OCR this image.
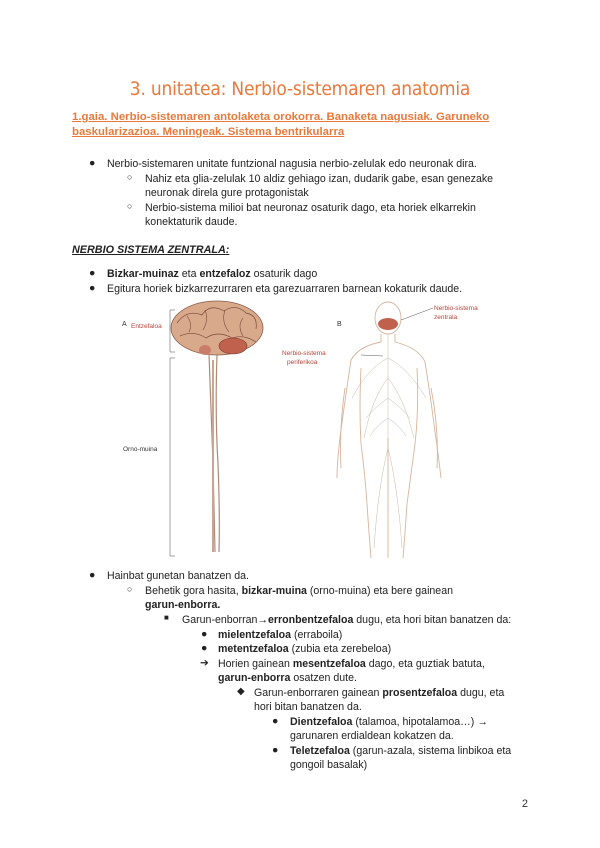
3. unitatea: Nerbio-sistemaren anatomia
1.gaia. Nerbio-sistemaren antolaketa orokorra. Banaketa nagusiak. Garuneko baskularizazioa. Meningeak. Sistema bentrikularra
● Nerbio-sistemaren unitate funtzional nagusia nerbio-zelulak edo neuronak dira.
○ Nahiz eta glia-zelulak 10 aldiz gehiago izan, dudarik gabe, esan genezake
neuronak direla gure protagonistak
○ Nerbio-sistema milioi bat neuronaz osaturik dago, eta horiek elkarrekin
konektaturik daude.
NERBIO SISTEMA ZENTRALA:
● Bizkar-muinaz eta entzefaloz osaturik dago
● Egitura horiek bizkarrezurraren eta garezuarraren barnean kokaturik daude.
A Entzefaloa
Orno-muina
B
Nerbio-sistema
zentrala
Nerbio-sistema
periferikoa
● Hainbat gunetan banatzen da.
○ Behetik gora hasita, bizkar-muina (orno-muina) eta bere gainean
garun-enborra.
■ Garun-enborran→erronbentzefaloa dugu, eta hori bitan banatzen da:
● mielentzefaloa (erraboila)
● metentzefaloa (zubia eta zerebeloa)
➔ Horien gainean mesentzefaloa dago, eta guztiak batuta,
garun-enborra osatzen dute.
◆ Garun-enborraren gainean prosentzefaloa dugu, eta
hori bitan banatzen da.
● Dientzefaloa (talamoa, hipotalamoa…) →
garunaren erdialdean kokatzen da.
● Teletzefaloa (garun-azala, sistema linbikoa eta
gongoil basalak)
2
